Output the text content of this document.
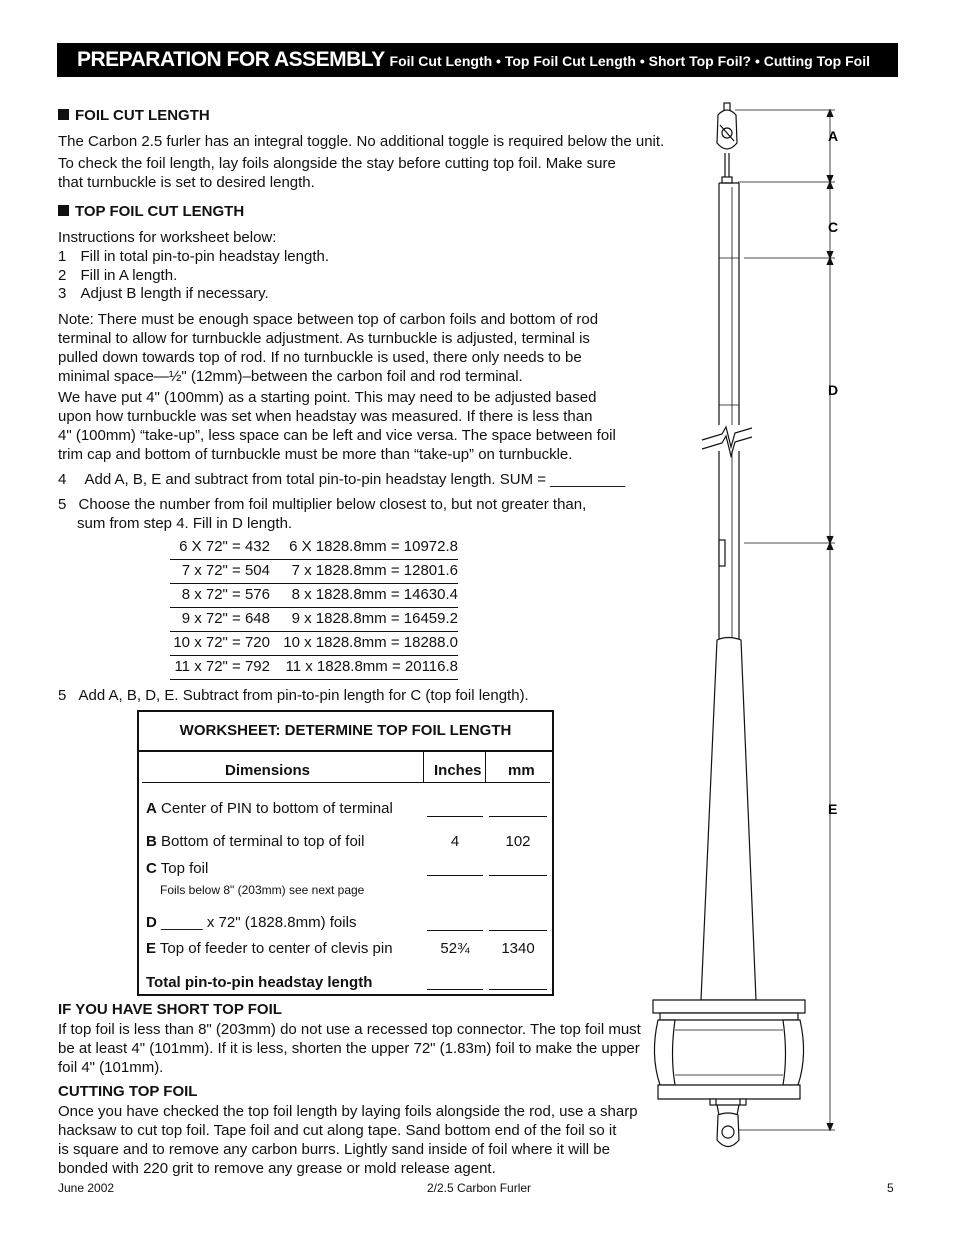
PREPARATION FOR ASSEMBLY Foil Cut Length • Top Foil Cut Length • Short Top Foil? • Cutting Top Foil
FOIL CUT LENGTH
The Carbon 2.5 furler has an integral toggle. No additional toggle is required below the unit.
To check the foil length, lay foils alongside the stay before cutting top foil. Make sure
that turnbuckle is set to desired length.
TOP FOIL CUT LENGTH
Instructions for worksheet below:
1 Fill in total pin-to-pin headstay length.
2 Fill in A length.
3 Adjust B length if necessary.
Note: There must be enough space between top of carbon foils and bottom of rod
terminal to allow for turnbuckle adjustment. As turnbuckle is adjusted, terminal is
pulled down towards top of rod. If no turnbuckle is used, there only needs to be
minimal space—½" (12mm)–between the carbon foil and rod terminal.
We have put 4" (100mm) as a starting point. This may need to be adjusted based
upon how turnbuckle was set when headstay was measured. If there is less than
4" (100mm) “take-up”, less space can be left and vice versa. The space between foil
trim cap and bottom of turnbuckle must be more than “take-up” on turnbuckle.
4 Add A, B, E and subtract from total pin-to-pin headstay length. SUM = _________
5 Choose the number from foil multiplier below closest to, but not greater than,
sum from step 4. Fill in D length.
6 X 72" = 432	6 X 1828.8mm = 10972.8
7 x 72" = 504	7 x 1828.8mm = 12801.6
8 x 72" = 576	8 x 1828.8mm = 14630.4
9 x 72" = 648	9 x 1828.8mm = 16459.2
10 x 72" = 720 10 x 1828.8mm = 18288.0
11 x 72" = 792 11 x 1828.8mm = 20116.8
5 Add A, B, D, E. Subtract from pin-to-pin length for C (top foil length).
WORKSHEET: DETERMINE TOP FOIL LENGTH
Dimensions	Inches mm
A Center of PIN to bottom of terminal
B Bottom of terminal to top of foil	4	102
C Top foil
Foils below 8" (203mm) see next page
D _____ x 72" (1828.8mm) foils
E Top of feeder to center of clevis pin	52¾	1340
Total pin-to-pin headstay length
IF YOU HAVE SHORT TOP FOIL
If top foil is less than 8" (203mm) do not use a recessed top connector. The top foil must
be at least 4" (101mm). If it is less, shorten the upper 72" (1.83m) foil to make the upper
foil 4" (101mm).
CUTTING TOP FOIL
Once you have checked the top foil length by laying foils alongside the rod, use a sharp
hacksaw to cut top foil. Tape foil and cut along tape. Sand bottom end of the foil so it
is square and to remove any carbon burrs. Lightly sand inside of foil where it will be
bonded with 220 grit to remove any grease or mold release agent.
A
C
D
E
June 2002	2/2.5 Carbon Furler	5
